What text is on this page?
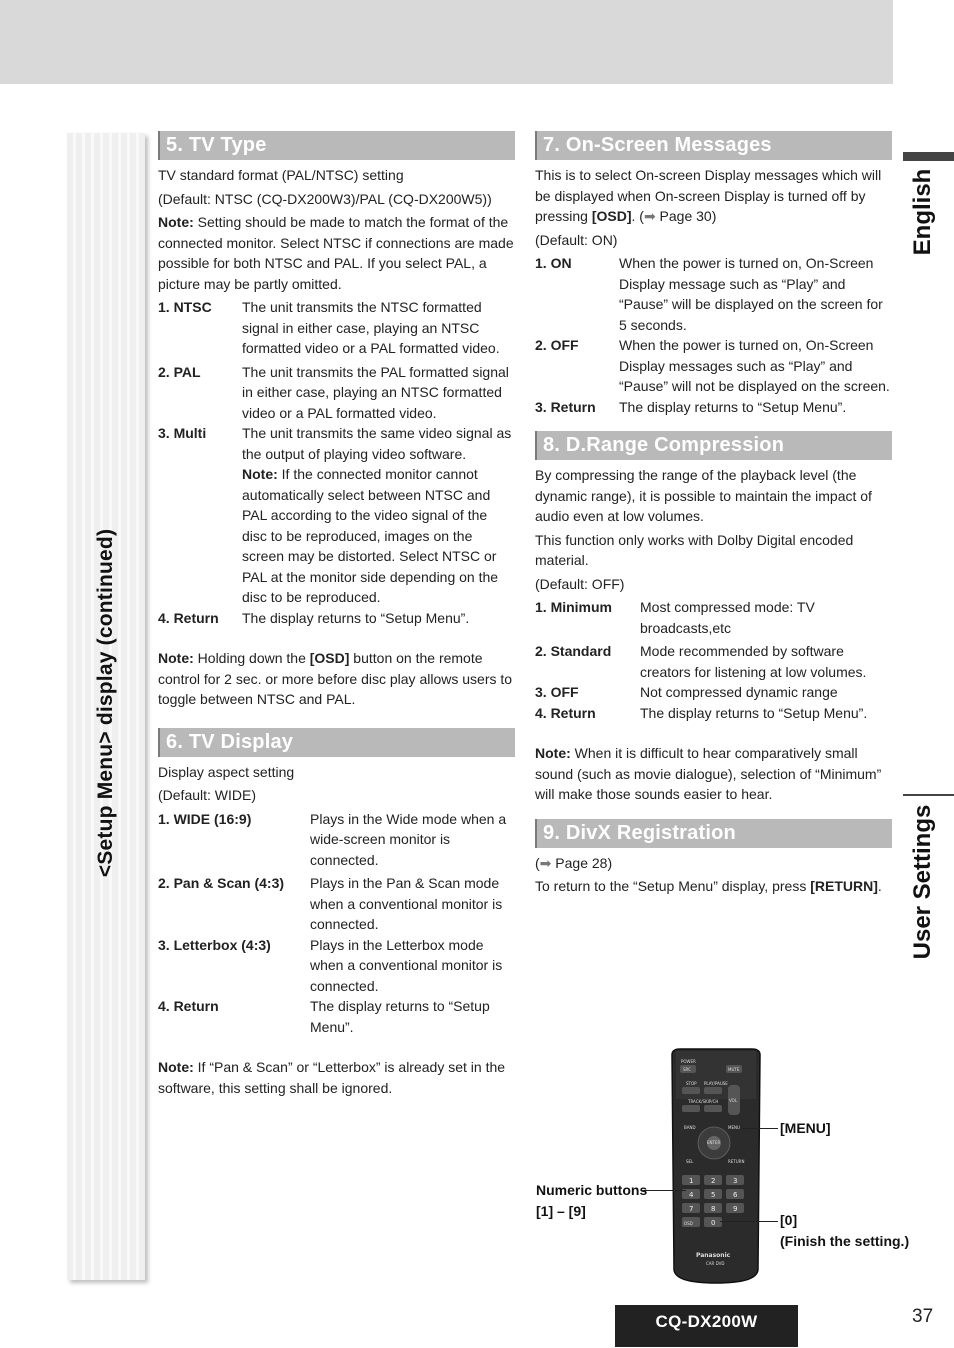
<Setup Menu> display (continued)
5. TV Type

TV standard format (PAL/NTSC) setting

(Default: NTSC (CQ-DX200W3)/PAL (CQ-DX200W5))

Note: Setting should be made to match the format of the connected monitor. Select NTSC if connections are made possible for both NTSC and PAL. If you select PAL, a picture may be partly omitted.

1. NTSC	The unit transmits the NTSC formatted signal in either case, playing an NTSC formatted video or a PAL formatted video.
2. PAL	The unit transmits the PAL formatted signal in either case, playing an NTSC formatted video or a PAL formatted video.
3. Multi	The unit transmits the same video signal as the output of playing video software.
Note: If the connected monitor cannot automatically select between NTSC and PAL according to the video signal of the disc to be reproduced, images on the screen may be distorted. Select NTSC or PAL at the monitor side depending on the disc to be reproduced.
4. Return	The display returns to “Setup Menu”.

Note: Holding down the [OSD] button on the remote control for 2 sec. or more before disc play allows users to toggle between NTSC and PAL.

6. TV Display

Display aspect setting

(Default: WIDE)

1. WIDE (16:9)	Plays in the Wide mode when a wide-screen monitor is connected.
2. Pan & Scan (4:3)	Plays in the Pan & Scan mode when a conventional monitor is connected.
3. Letterbox (4:3)	Plays in the Letterbox mode when a conventional monitor is connected.
4. Return	The display returns to “Setup Menu”.

Note: If “Pan & Scan” or “Letterbox” is already set in the software, this setting shall be ignored.

7. On-Screen Messages

This is to select On-screen Display messages which will be displayed when On-screen Display is turned off by pressing [OSD]. (➡ Page 30)

(Default: ON)

1. ON	When the power is turned on, On-Screen Display message such as “Play” and “Pause” will be displayed on the screen for 5 seconds.
2. OFF	When the power is turned on, On-Screen Display messages such as “Play” and “Pause” will not be displayed on the screen.
3. Return	The display returns to “Setup Menu”.
8. D.Range Compression

By compressing the range of the playback level (the dynamic range), it is possible to maintain the impact of audio even at low volumes.

This function only works with Dolby Digital encoded material.

(Default: OFF)

1. Minimum	Most compressed mode: TV broadcasts,etc
2. Standard	Mode recommended by software creators for listening at low volumes.
3. OFF	Not compressed dynamic range
4. Return	The display returns to “Setup Menu”.

Note: When it is difficult to hear comparatively small sound (such as movie dialogue), selection of “Minimum” will make those sounds easier to hear.

9. DivX Registration

(➡ Page 28)

To return to the “Setup Menu” display, press [RETURN].

POWER
SRC	MUTE
STOP PLAY/PAUSE
TRACK/SKIP/CH	VOL
BAND	MENU
ENTER
SEL	RETURN
1	2	3
4	5	6
7	8	9
0
OSD
Panasonic
CAR DVD
[MENU]
Numeric buttons
[1] – [9]
[0]
(Finish the setting.)
English
User Settings
CQ-DX200W	37
